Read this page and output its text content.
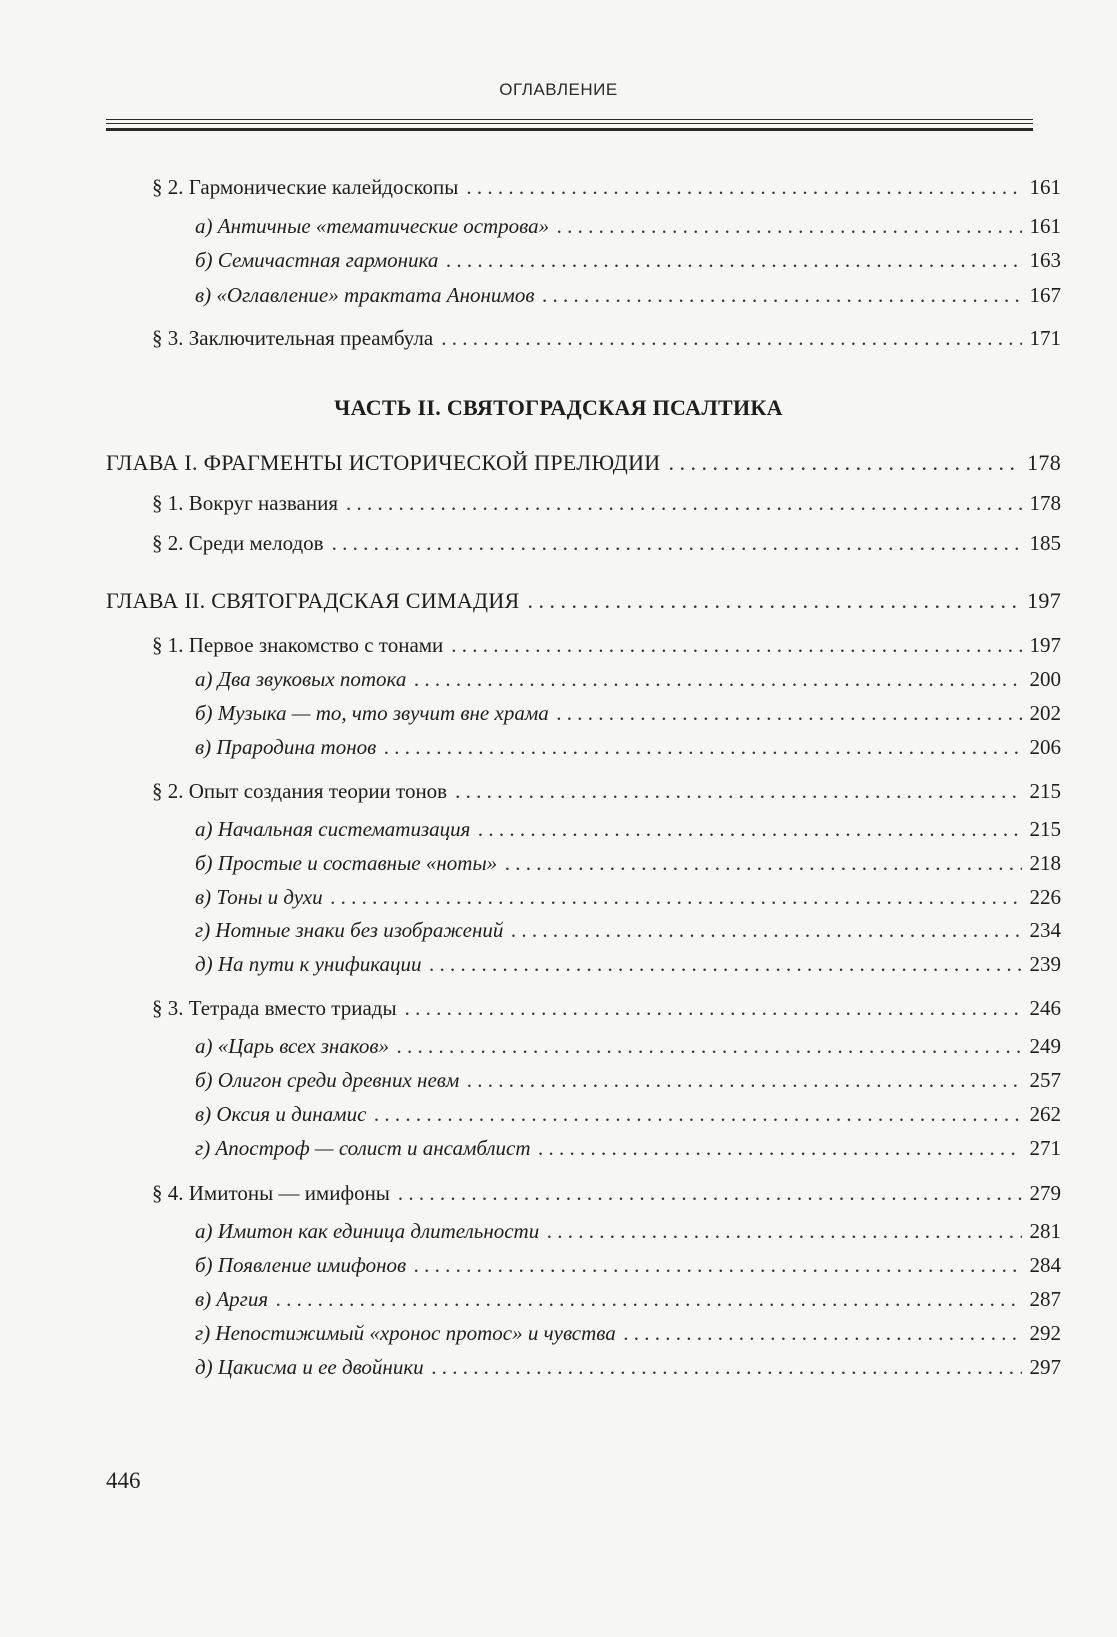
ОГЛАВЛЕНИЕ
§ 2. Гармонические калейдоскопы . . .	161
а) Античные «тематические острова» . . .	161
б) Семичастная гармоника . . .	163
в) «Оглавление» трактата Анонимов . . .	167
§ 3. Заключительная преамбула . . .	171
ЧАСТЬ II. СВЯТОГРАДСКАЯ ПСАЛТИКА
ГЛАВА I. ФРАГМЕНТЫ ИСТОРИЧЕСКОЙ ПРЕЛЮДИИ . . .	178
§ 1. Вокруг названия . . .	178
§ 2. Среди мелодов . . .	185
ГЛАВА II. СВЯТОГРАДСКАЯ СИМАДИЯ . . .	197
§ 1. Первое знакомство с тонами . . .	197
а) Два звуковых потока . . .	200
б) Музыка — то, что звучит вне храма . . .	202
в) Прародина тонов . . .	206
§ 2. Опыт создания теории тонов . . .	215
а) Начальная систематизация . . .	215
б) Простые и составные «ноты» . . .	218
в) Тоны и духи . . .	226
г) Нотные знаки без изображений . . .	234
д) На пути к унификации . . .	239
§ 3. Тетрада вместо триады . . .	246
а) «Царь всех знаков» . . .	249
б) Олигон среди древних невм . . .	257
в) Оксия и динамис . . .	262
г) Апостроф — солист и ансамблист . . .	271
§ 4. Имитоны — имифоны . . .	279
а) Имитон как единица длительности . . .	281
б) Появление имифонов . . .	284
в) Аргия . . .	287
г) Непостижимый «хронос протос» и чувства . . .	292
д) Цакисма и ее двойники . . .	297
446
